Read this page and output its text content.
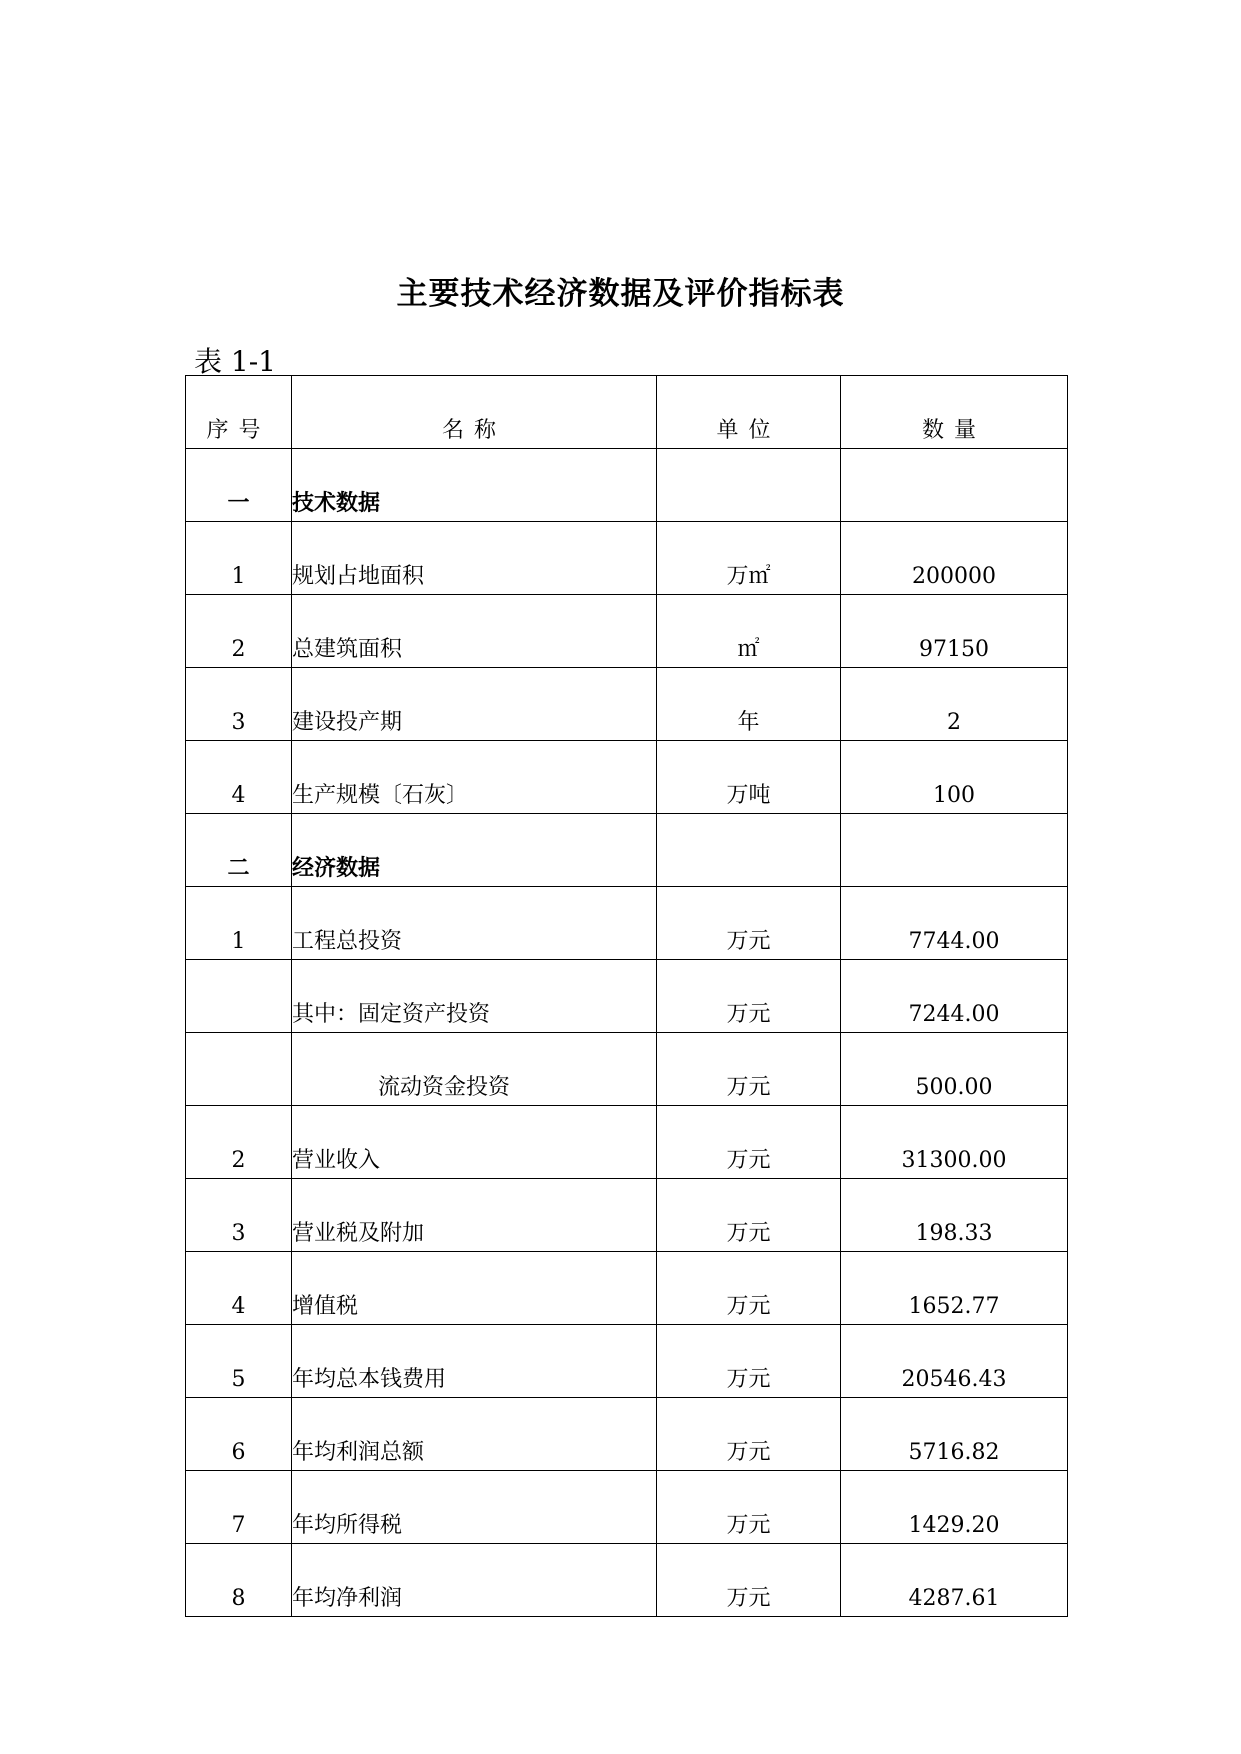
主要技术经济数据及评价指标表
表 1-1
序号	名称	单位	数量
一	技术数据		
1	规划占地面积	万㎡	200000
2	总建筑面积	㎡	97150
3	建设投产期	年	2
4	生产规模〔石灰〕	万吨	100
二	经济数据		
1	工程总投资	万元	7744.00
	其中：固定资产投资	万元	7244.00
	流动资金投资	万元	500.00
2	营业收入	万元	31300.00
3	营业税及附加	万元	198.33
4	增值税	万元	1652.77
5	年均总本钱费用	万元	20546.43
6	年均利润总额	万元	5716.82
7	年均所得税	万元	1429.20
8	年均净利润	万元	4287.61
